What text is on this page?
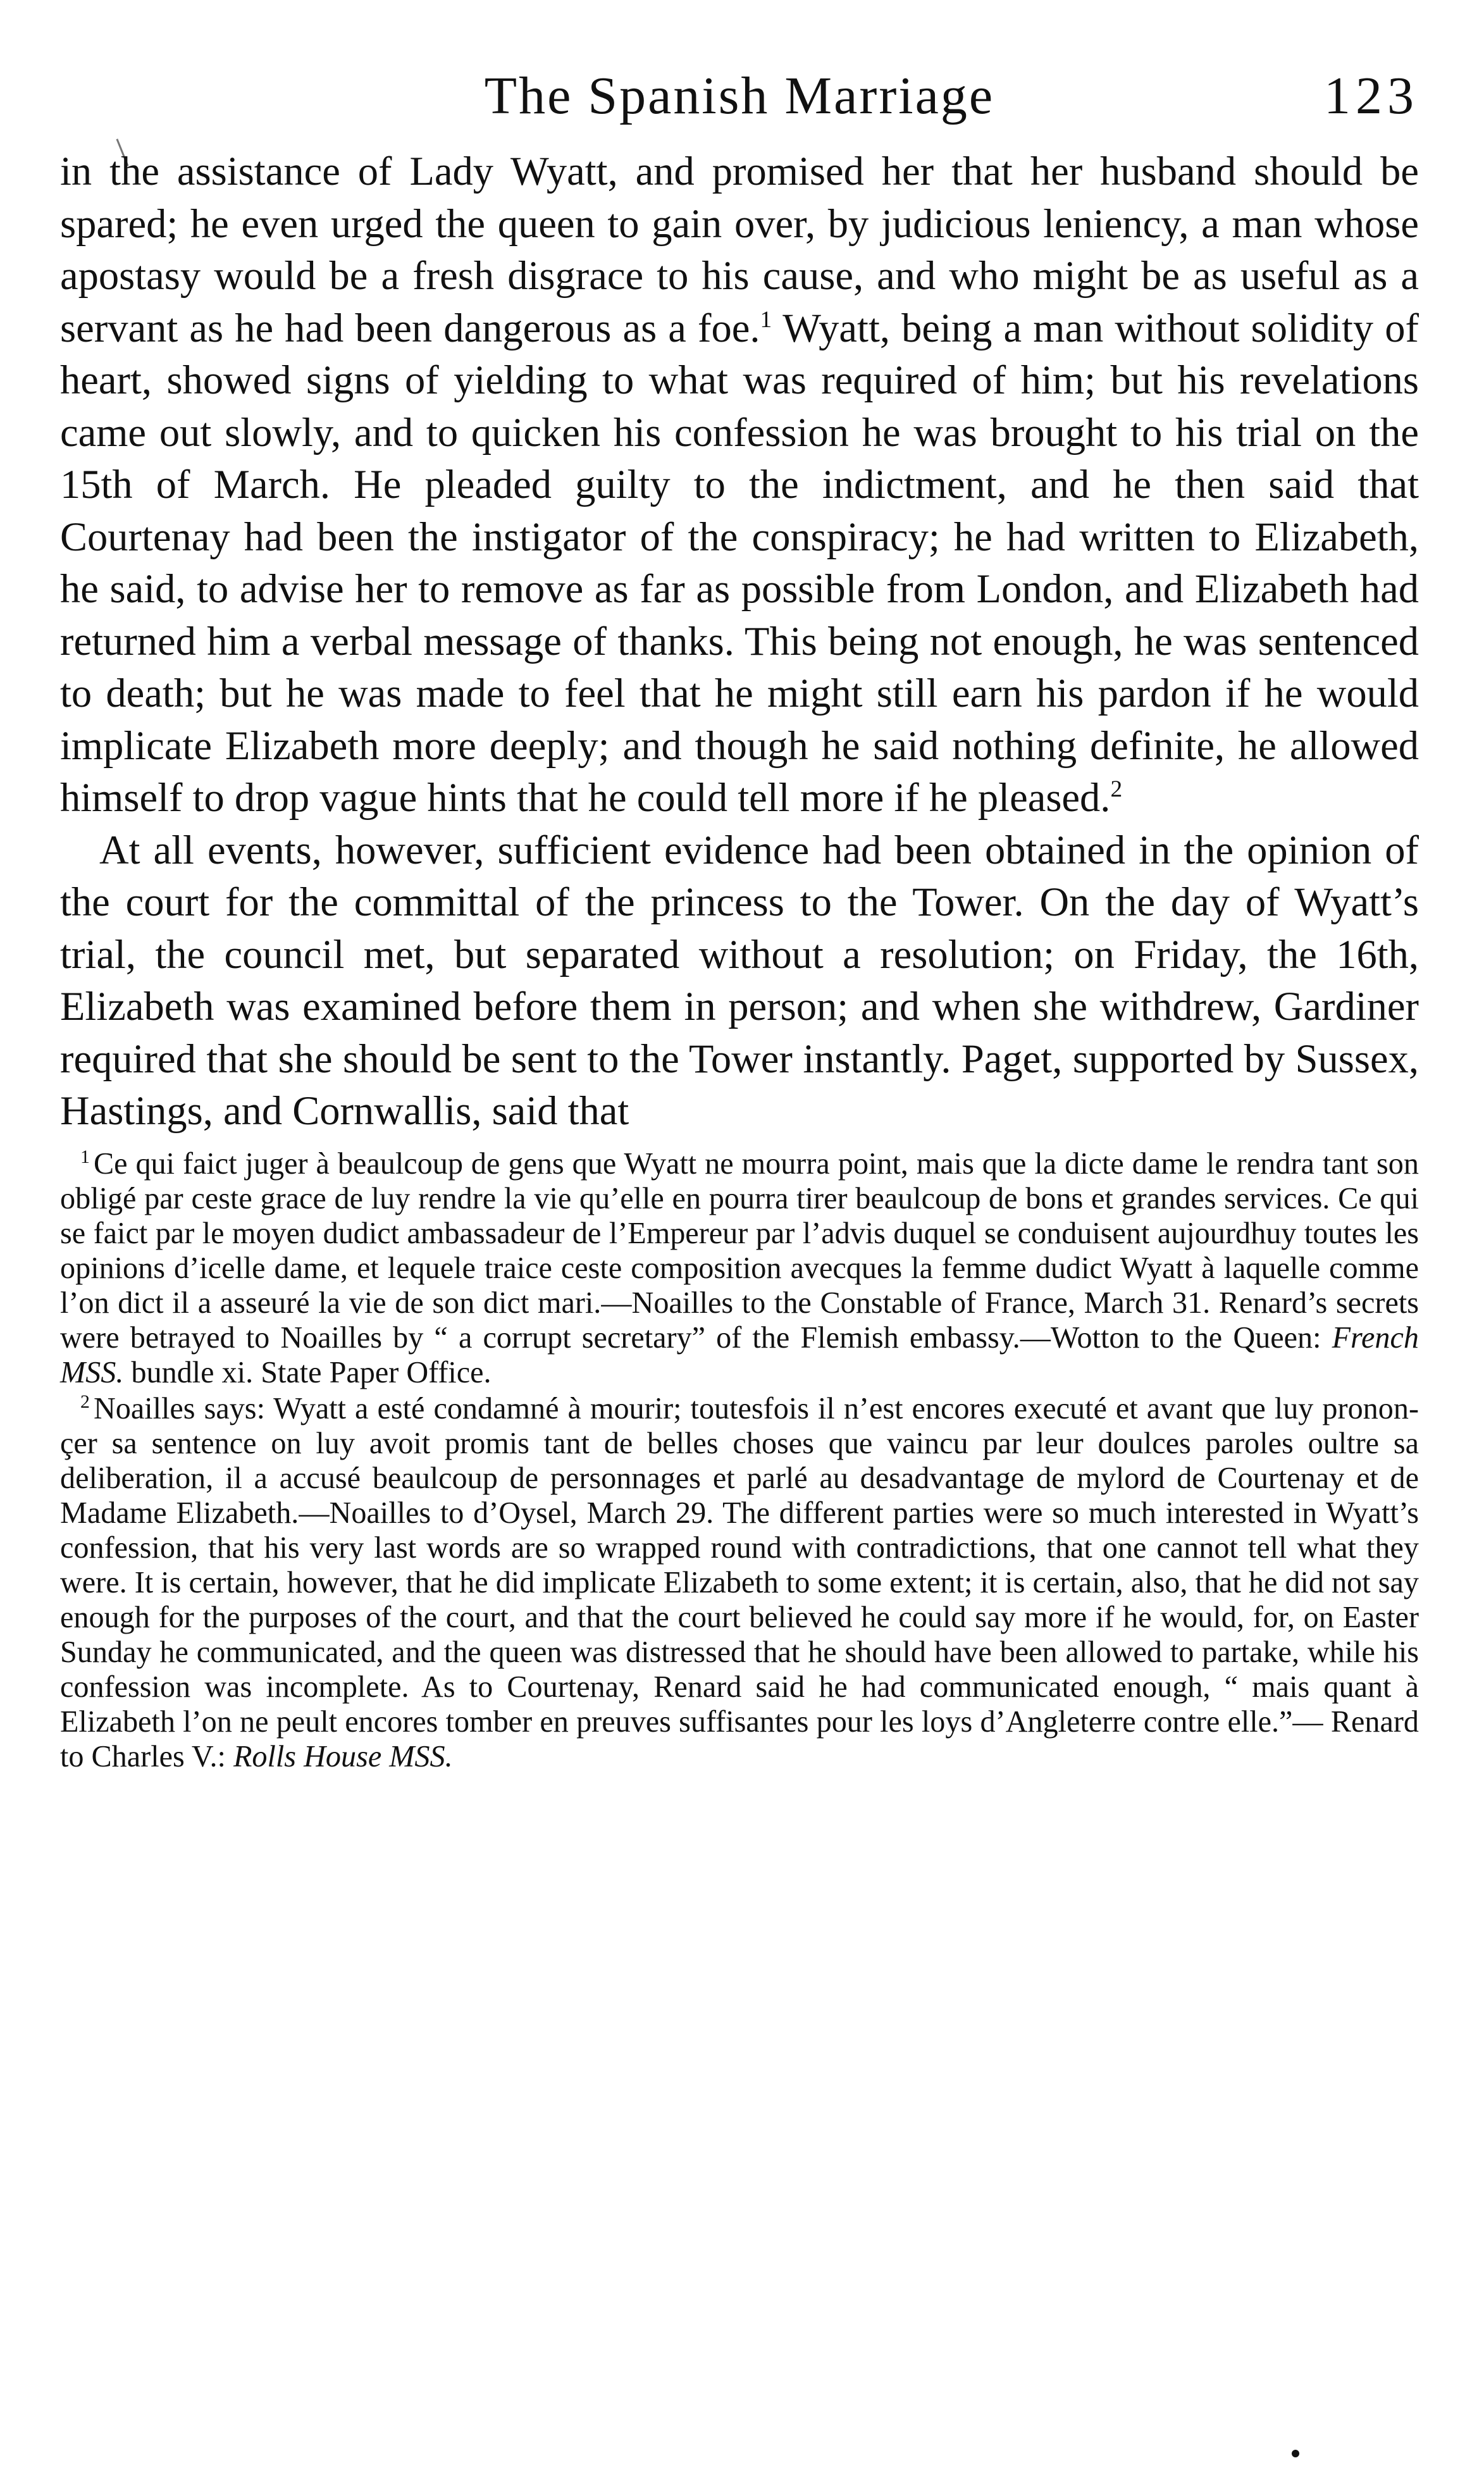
The Spanish Marriage	123

in the assistance of Lady Wyatt, and promised her that her husband should be spared; he even urged the queen to gain over, by judicious leniency, a man whose apostasy would be a fresh disgrace to his cause, and who might be as useful as a servant as he had been dangerous as a foe.$^1$ Wyatt, being a man without solidity of heart, showed signs of yielding to what was required of him; but his revelations came out slowly, and to quicken his confession he was brought to his trial on the 15th of March. He pleaded guilty to the indictment, and he then said that Courtenay had been the instigator of the conspiracy; he had written to Elizabeth, he said, to advise her to remove as far as possible from London, and Elizabeth had returned him a verbal message of thanks. This being not enough, he was sentenced to death; but he was made to feel that he might still earn his pardon if he would implicate Elizabeth more deeply; and though he said nothing definite, he allowed himself to drop vague hints that he could tell more if he pleased.$^2$

At all events, however, sufficient evidence had been obtained in the opinion of the court for the committal of the princess to the Tower. On the day of Wyatt’s trial, the council met, but separated without a resolution; on Friday, the 16th, Elizabeth was examined before them in person; and when she withdrew, Gardiner required that she should be sent to the Tower instantly. Paget, supported by Sussex, Hastings, and Cornwallis, said that

$^1$ Ce qui faict juger à beaulcoup de gens que Wyatt ne mourra point, mais que la dicte dame le rendra tant son obligé par ceste grace de luy rendre la vie qu’elle en pourra tirer beaulcoup de bons et grandes services. Ce qui se faict par le moyen dudict ambassadeur de l’Empereur par l’advis duquel se conduisent aujourdhuy toutes les opinions d’icelle dame, et lequele traice ceste composition avecques la femme dudict Wyatt à laquelle comme l’on dict il a asseuré la vie de son dict mari.—Noailles to the Constable of France, March 31. Renard’s secrets were betrayed to Noailles by “ a corrupt secretary” of the Flemish embassy.—Wotton to the Queen: French MSS. bundle xi. State Paper Office.

$^2$ Noailles says: Wyatt a esté condamné à mourir; toutesfois il n’est encores executé et avant que luy prononçer sa sentence on luy avoit promis tant de belles choses que vaincu par leur doulces paroles oultre sa deliberation, il a accusé beaulcoup de personnages et parlé au desadvantage de mylord de Courtenay et de Madame Elizabeth.—Noailles to d’Oysel, March 29. The different parties were so much interested in Wyatt’s confession, that his very last words are so wrapped round with contradictions, that one cannot tell what they were. It is certain, however, that he did implicate Elizabeth to some extent; it is certain, also, that he did not say enough for the purposes of the court, and that the court believed he could say more if he would, for, on Easter Sunday he communicated, and the queen was distressed that he should have been allowed to partake, while his confession was incomplete. As to Courtenay, Renard said he had communicated enough, “ mais quant à Elizabeth l’on ne peult encores tomber en preuves suffisantes pour les loys d’Angleterre contre elle.”— Renard to Charles V.: Rolls House MSS.
